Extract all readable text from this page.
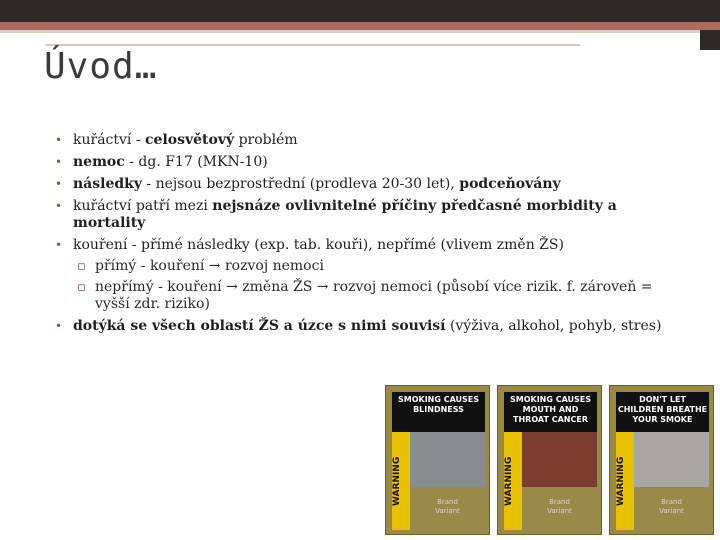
Úvod…
• kuřáctví - celosvětový problém
• nemoc - dg. F17 (MKN-10)
• následky - nejsou bezprostřední (prodleva 20-30 let), podceňovány
• kuřáctví patří mezi nejsnáze ovlivnitelné příčiny předčasné morbidity a mortality
• kouření - přímé následky (exp. tab. kouři), nepřímé (vlivem změn ŽS)
▫ přímý - kouření → rozvoj nemoci
▫ nepřímý - kouření → změna ŽS → rozvoj nemoci (působí více rizik. f. zároveň = vyšší zdr. riziko)
• dotýká se všech oblastí ŽS a úzce s nimi souvisí (výživa, alkohol, pohyb, stres)
SMOKING CAUSES BLINDNESS
WARNING	Brand
Variant
SMOKING CAUSES MOUTH AND THROAT CANCER
WARNING	Brand
Variant
DON'T LET CHILDREN BREATHE YOUR SMOKE
WARNING	Brand
Variant
